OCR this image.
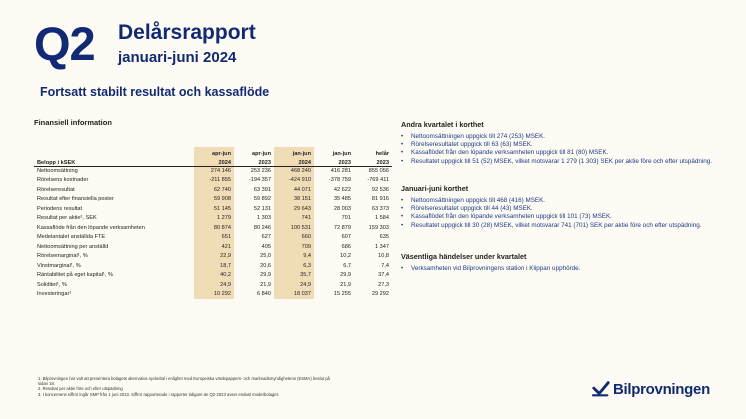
Q2 Delårsrapport
januari-juni 2024
Fortsatt stabilt resultat och kassaflöde
Finansiell information
Belopp i kSEK	apr-jun	apr-jun	jan-jun	jan-jun	helår
	2024	2023	2024	2023	2023
Nettoomsättning	274 146	253 236	468 240	416 281	855 056
Rörelsens kostnader	-211 855	-194 357	-424 910	-378 759	-769 411
Rörelseresultat	62 740	63 391	44 071	42 622	92 536
Resultat efter finansiella poster	59 908	59 892	38 151	35 485	81 916
Periodens resultat	51 145	52 131	29 643	28 003	63 373
Resultat per aktie², SEK	1 279	1 303	741	701	1 584
Kassaflöde från den löpande verksamheten	80 874	80 246	100 531	72 879	159 303
Medelantalet anställda FTE	651	627	660	607	635
Nettoomsättning per anställd	421	405	709	686	1 347
Rörelsemarginal¹, %	22,9	25,0	9,4	10,2	10,8
Vinstmarginal¹, %	18,7	20,6	6,3	6,7	7,4
Räntabilitet på eget kapital¹, %	40,2	29,9	35,7	29,9	37,4
Soliditet¹, %	24,9	21,9	24,9	21,9	27,3
Investeringar¹	10 292	6 840	18 037	15 255	29 292
Andra kvartalet i korthet
• Nettoomsättningen uppgick till 274 (253) MSEK.
• Rörelseresultatet uppgick till 63 (63) MSEK.
• Kassaflödet från den löpande verksamheten uppgick till 81 (80) MSEK.
• Resultatet uppgick till 51 (52) MSEK, vilket motsvarar 1 279 (1 303) SEK per aktie före och efter utspädning.
Januari-juni korthet
• Nettoomsättningen uppgick till 468 (416) MSEK.
• Rörelseresultatet uppgick till 44 (43) MSEK.
• Kassaflödet från den löpande verksamheten uppgick till 101 (73) MSEK.
• Resultatet uppgick till 30 (28) MSEK, vilket motsvarar 741 (701) SEK per aktie före och efter utspädning.
Väsentliga händelser under kvartalet
• Verksamheten vid Bilprovningens station i Klippan upphörde.
1. Bilprovningen har valt att presentera bolagets alternativa nyckeltal i enlighet med Europeiska värdepappers- och marknadsmyndighetens (ESMA) beslut på sidan 18.
2. Resultat per aktie före och efter utspädning
3. I koncernens siffror ingår SMP från 1 juni 2023. Siffror rapporterade i rapporter tidigare än Q2-2023 avser endast moderbolaget.	Bilprovningen
